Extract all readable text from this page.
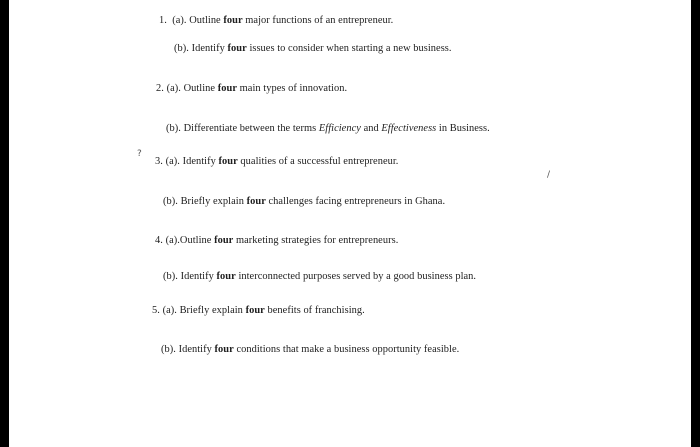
1. (a). Outline four major functions of an entrepreneur.
(b). Identify four issues to consider when starting a new business.
2. (a). Outline four main types of innovation.
(b). Differentiate between the terms Efficiency and Effectiveness in Business.
3. (a). Identify four qualities of a successful entrepreneur.
(b). Briefly explain four challenges facing entrepreneurs in Ghana.
4. (a).Outline four marketing strategies for entrepreneurs.
(b). Identify four interconnected purposes served by a good business plan.
5. (a). Briefly explain four benefits of franchising.
(b). Identify four conditions that make a business opportunity feasible.
?
/
